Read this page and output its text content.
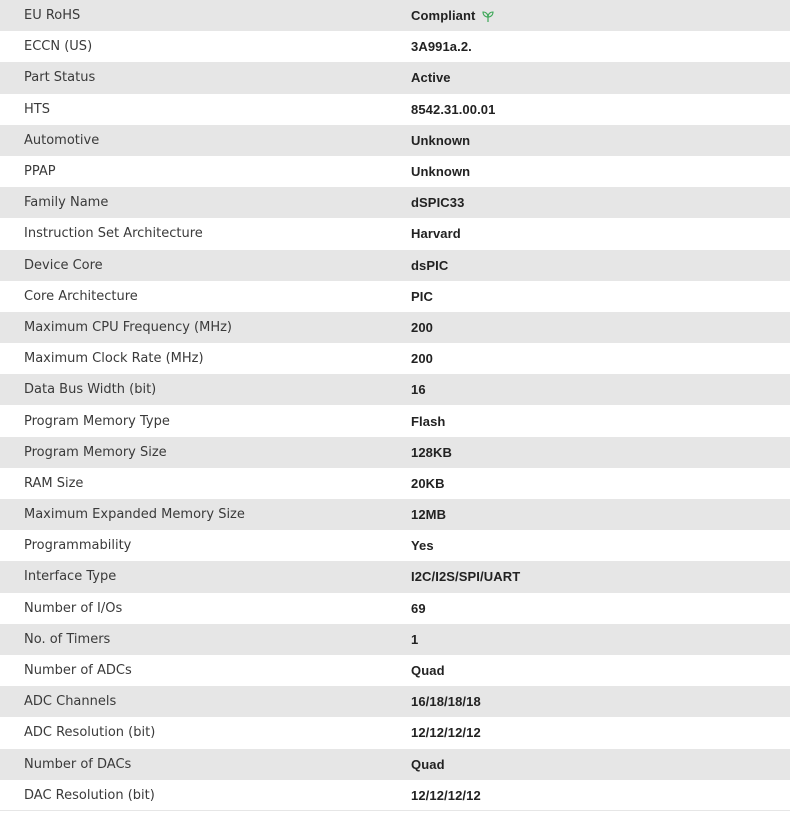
EU RoHS	Compliant
ECCN (US)	3A991a.2.
Part Status	Active
HTS	8542.31.00.01
Automotive	Unknown
PPAP	Unknown
Family Name	dSPIC33
Instruction Set Architecture	Harvard
Device Core	dsPIC
Core Architecture	PIC
Maximum CPU Frequency (MHz)	200
Maximum Clock Rate (MHz)	200
Data Bus Width (bit)	16
Program Memory Type	Flash
Program Memory Size	128KB
RAM Size	20KB
Maximum Expanded Memory Size	12MB
Programmability	Yes
Interface Type	I2C/I2S/SPI/UART
Number of I/Os	69
No. of Timers	1
Number of ADCs	Quad
ADC Channels	16/18/18/18
ADC Resolution (bit)	12/12/12/12
Number of DACs	Quad
DAC Resolution (bit)	12/12/12/12
